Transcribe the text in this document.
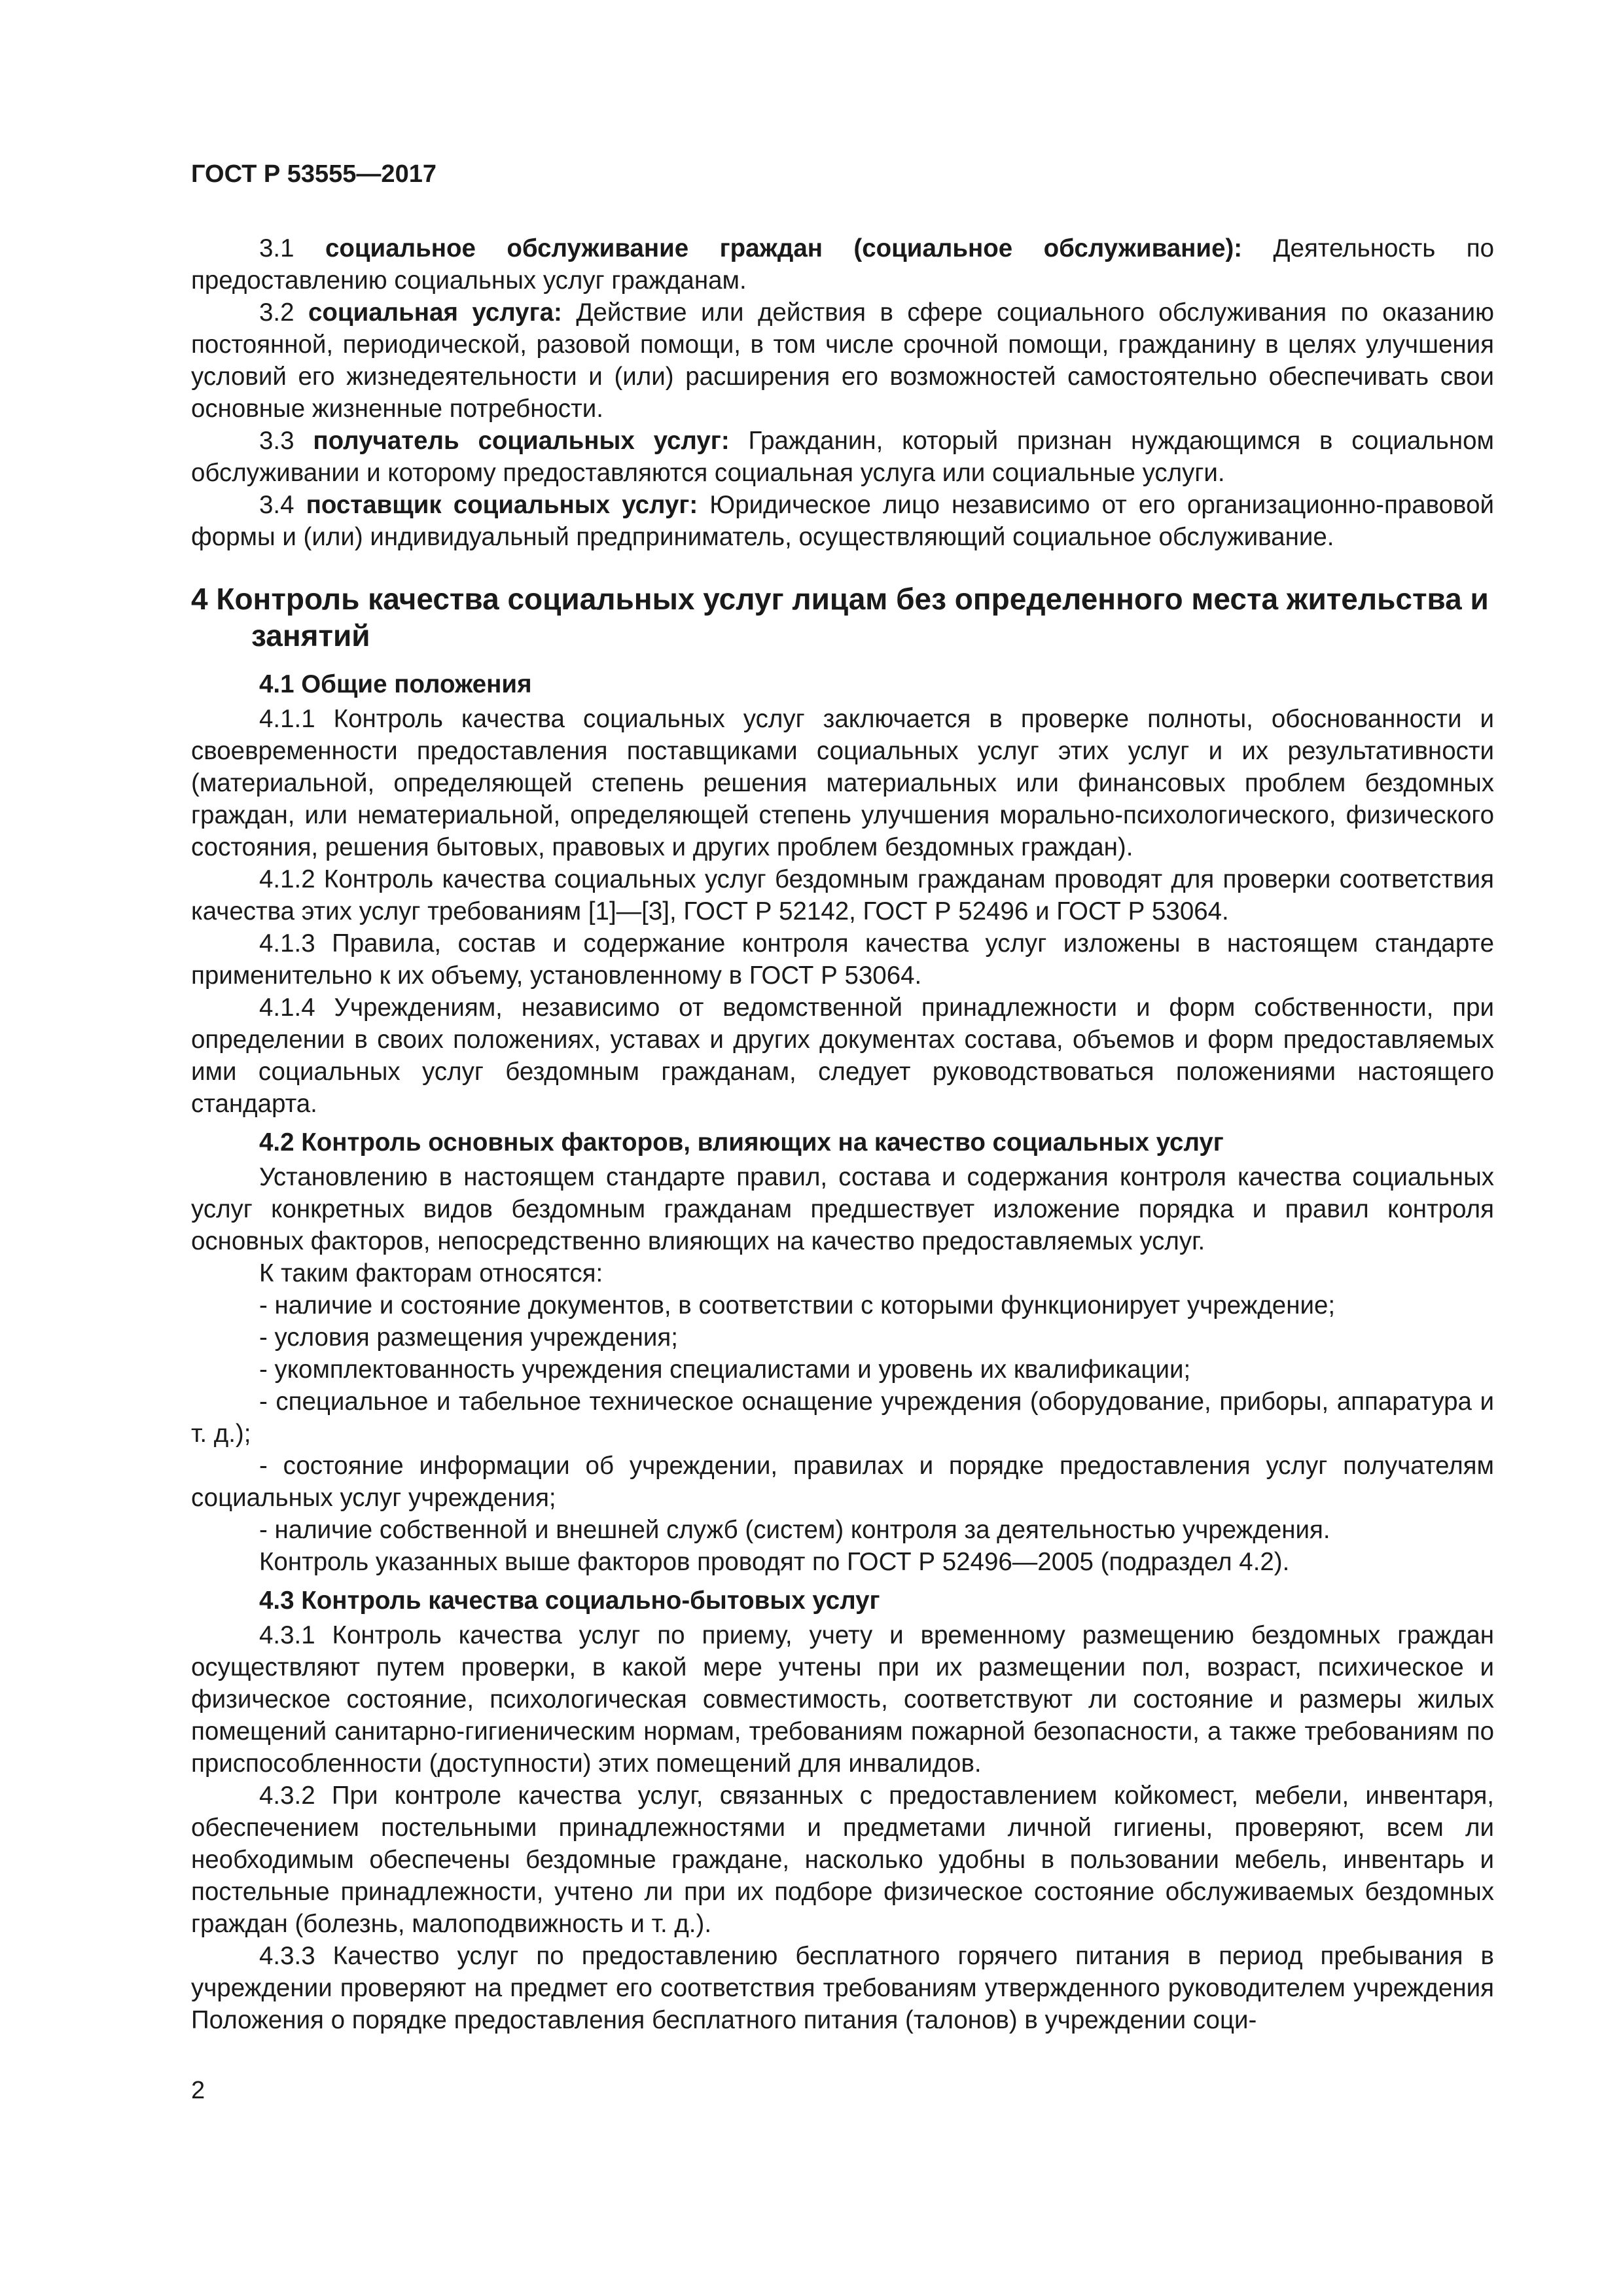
ГОСТ Р 53555—2017

3.1 социальное обслуживание граждан (социальное обслуживание): Деятельность по предоставлению социальных услуг гражданам.

3.2 социальная услуга: Действие или действия в сфере социального обслуживания по оказанию постоянной, периодической, разовой помощи, в том числе срочной помощи, гражданину в целях улучшения условий его жизнедеятельности и (или) расширения его возможностей самостоятельно обеспечивать свои основные жизненные потребности.

3.3 получатель социальных услуг: Гражданин, который признан нуждающимся в социальном обслуживании и которому предоставляются социальная услуга или социальные услуги.

3.4 поставщик социальных услуг: Юридическое лицо независимо от его организационно-правовой формы и (или) индивидуальный предприниматель, осуществляющий социальное обслуживание.

4 Контроль качества социальных услуг лицам без определенного места жительства и занятий
4.1 Общие положения

4.1.1 Контроль качества социальных услуг заключается в проверке полноты, обоснованности и своевременности предоставления поставщиками социальных услуг этих услуг и их результативности (материальной, определяющей степень решения материальных или финансовых проблем бездомных граждан, или нематериальной, определяющей степень улучшения морально-психологического, физического состояния, решения бытовых, правовых и других проблем бездомных граждан).

4.1.2 Контроль качества социальных услуг бездомным гражданам проводят для проверки соответствия качества этих услуг требованиям [1]—[3], ГОСТ Р 52142, ГОСТ Р 52496 и ГОСТ Р 53064.

4.1.3 Правила, состав и содержание контроля качества услуг изложены в настоящем стандарте применительно к их объему, установленному в ГОСТ Р 53064.

4.1.4 Учреждениям, независимо от ведомственной принадлежности и форм собственности, при определении в своих положениях, уставах и других документах состава, объемов и форм предоставляемых ими социальных услуг бездомным гражданам, следует руководствоваться положениями настоящего стандарта.

4.2 Контроль основных факторов, влияющих на качество социальных услуг

Установлению в настоящем стандарте правил, состава и содержания контроля качества социальных услуг конкретных видов бездомным гражданам предшествует изложение порядка и правил контроля основных факторов, непосредственно влияющих на качество предоставляемых услуг.

К таким факторам относятся:

- наличие и состояние документов, в соответствии с которыми функционирует учреждение;

- условия размещения учреждения;

- укомплектованность учреждения специалистами и уровень их квалификации;

- специальное и табельное техническое оснащение учреждения (оборудование, приборы, аппаратура и т. д.);

- состояние информации об учреждении, правилах и порядке предоставления услуг получателям социальных услуг учреждения;

- наличие собственной и внешней служб (систем) контроля за деятельностью учреждения.

Контроль указанных выше факторов проводят по ГОСТ Р 52496—2005 (подраздел 4.2).

4.3 Контроль качества социально-бытовых услуг

4.3.1 Контроль качества услуг по приему, учету и временному размещению бездомных граждан осуществляют путем проверки, в какой мере учтены при их размещении пол, возраст, психическое и физическое состояние, психологическая совместимость, соответствуют ли состояние и размеры жилых помещений санитарно-гигиеническим нормам, требованиям пожарной безопасности, а также требованиям по приспособленности (доступности) этих помещений для инвалидов.

4.3.2 При контроле качества услуг, связанных с предоставлением койкомест, мебели, инвентаря, обеспечением постельными принадлежностями и предметами личной гигиены, проверяют, всем ли необходимым обеспечены бездомные граждане, насколько удобны в пользовании мебель, инвентарь и постельные принадлежности, учтено ли при их подборе физическое состояние обслуживаемых бездомных граждан (болезнь, малоподвижность и т. д.).

4.3.3 Качество услуг по предоставлению бесплатного горячего питания в период пребывания в учреждении проверяют на предмет его соответствия требованиям утвержденного руководителем учреждения Положения о порядке предоставления бесплатного питания (талонов) в учреждении соци-

2
